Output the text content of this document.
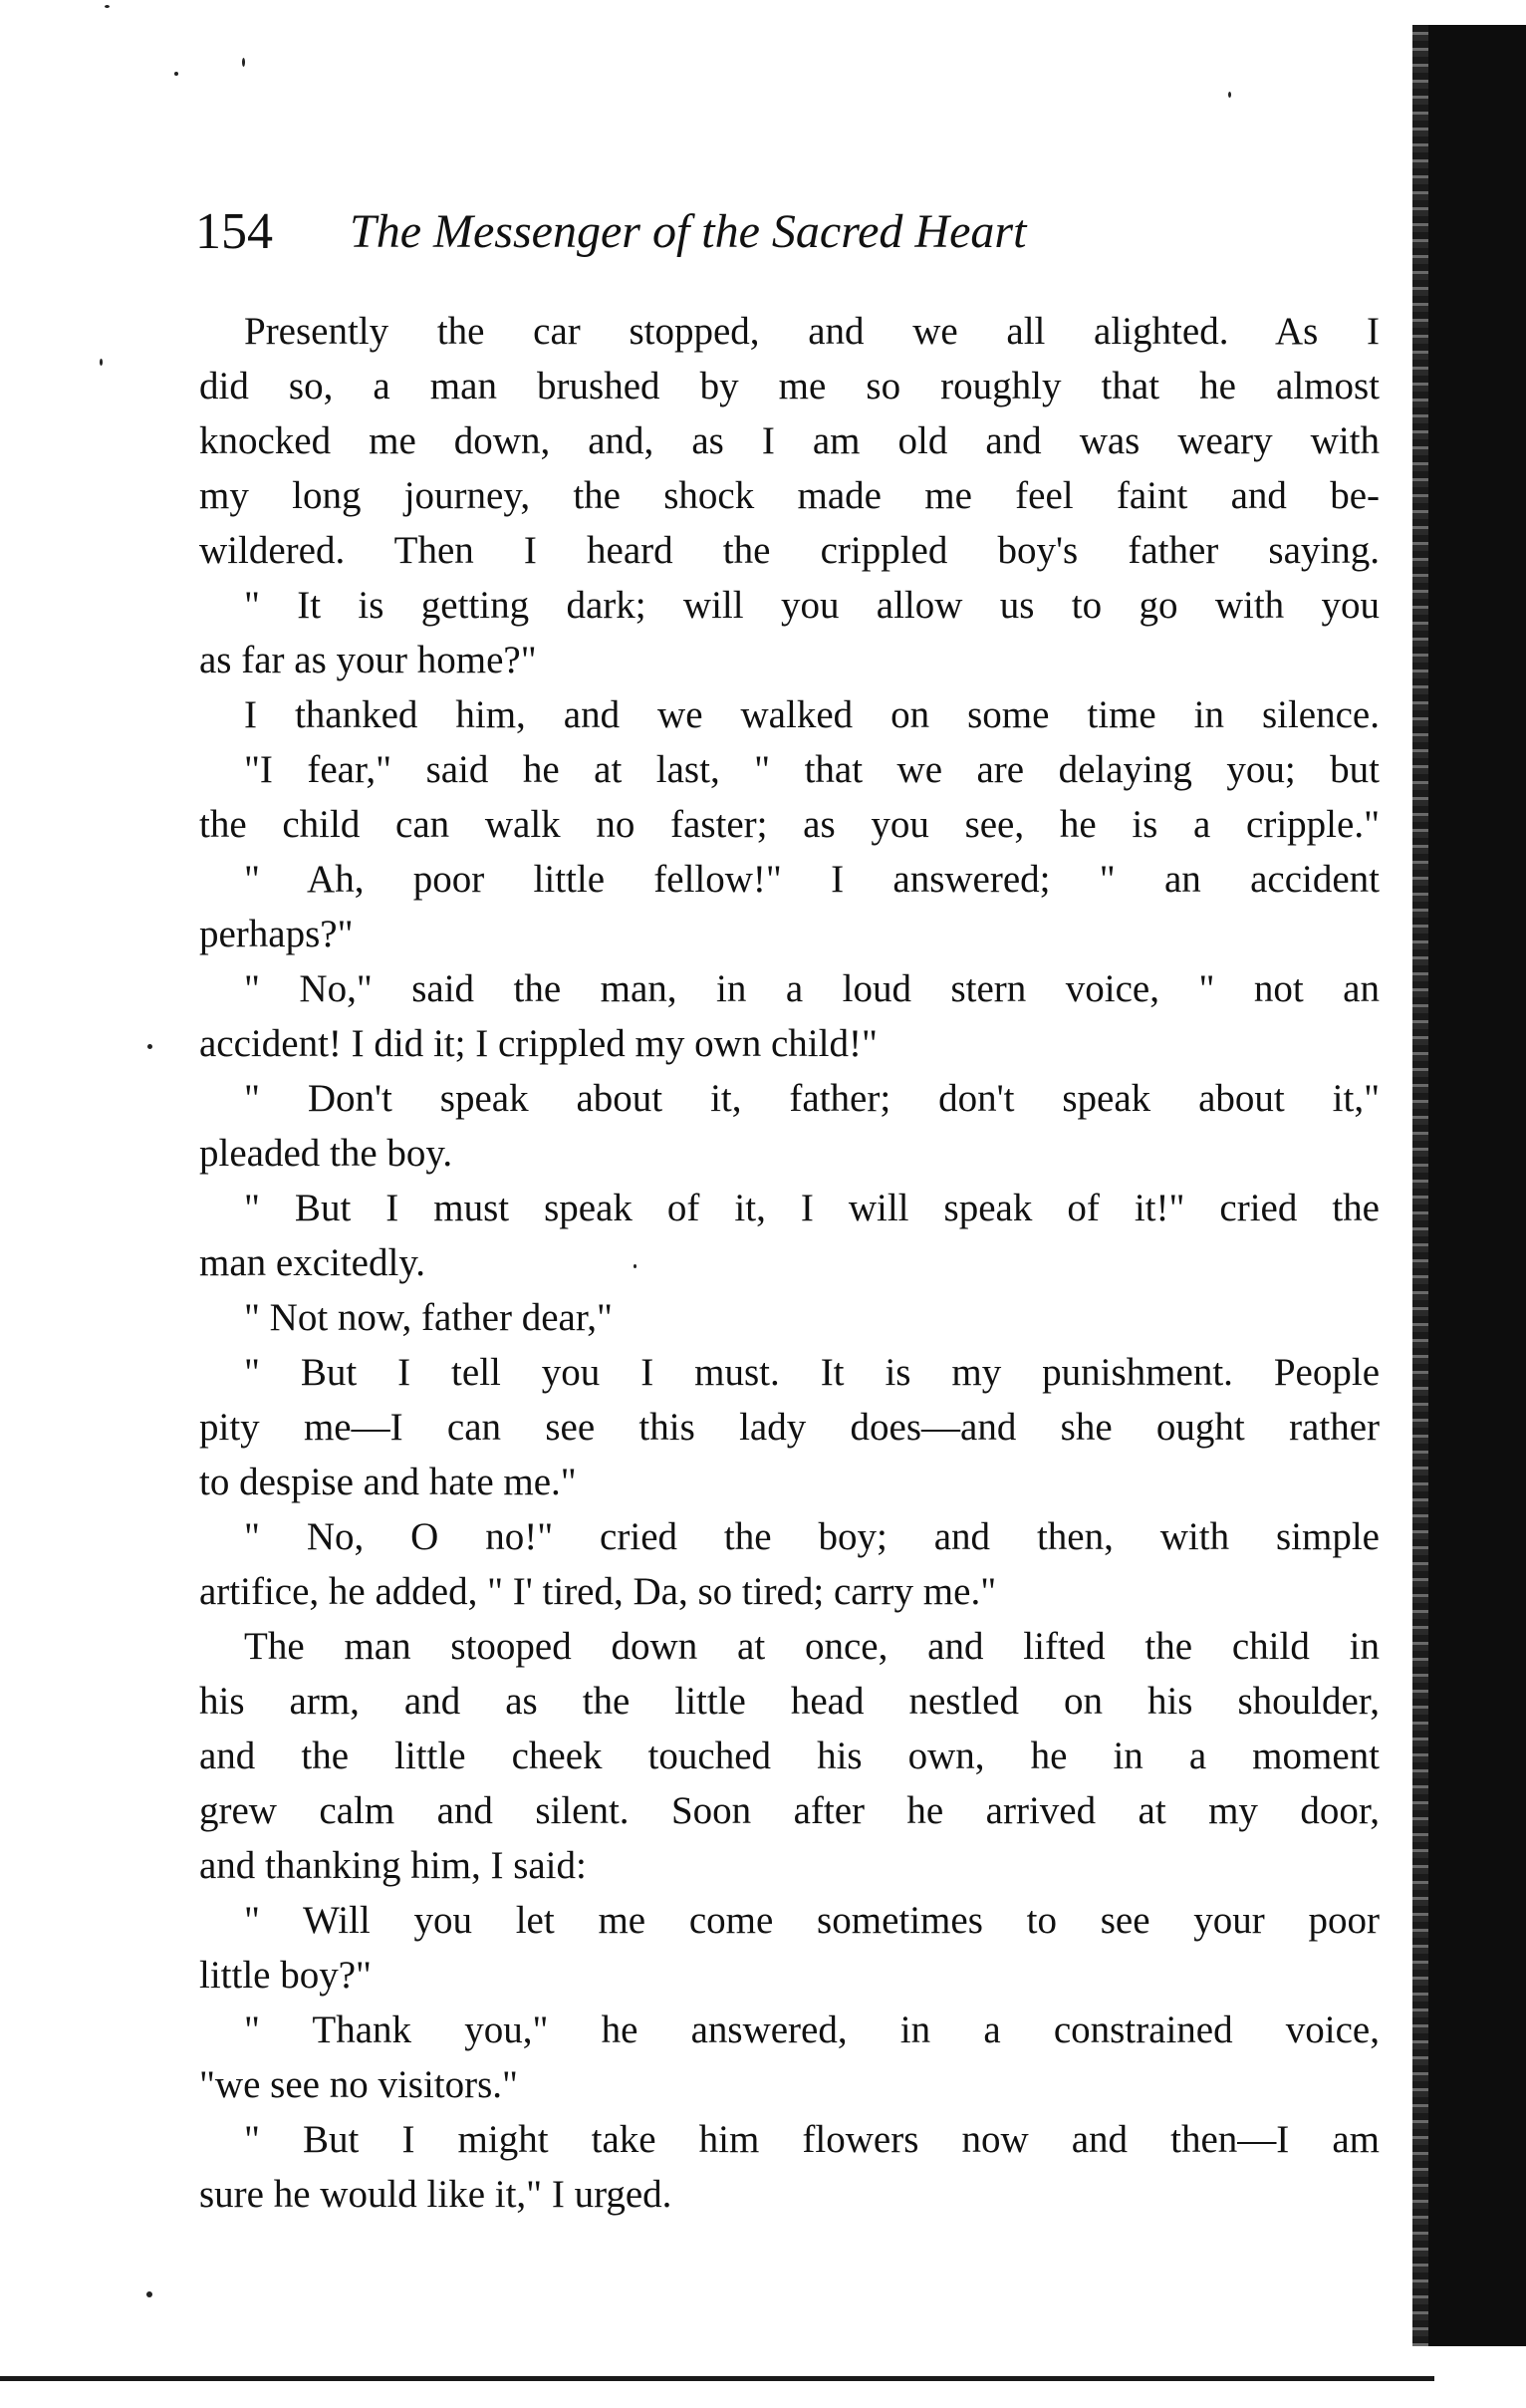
154 The Messenger of the Sacred Heart
Presently the car stopped, and we all alighted. As I
did so, a man brushed by me so roughly that he almost
knocked me down, and, as I am old and was weary with
my long journey, the shock made me feel faint and be-
wildered. Then I heard the crippled boy's father saying.
" It is getting dark; will you allow us to go with you
as far as your home?"
I thanked him, and we walked on some time in silence.
"I fear," said he at last, " that we are delaying you; but
the child can walk no faster; as you see, he is a cripple."
" Ah, poor little fellow!" I answered; " an accident
perhaps?"
" No," said the man, in a loud stern voice, " not an
accident! I did it; I crippled my own child!"
" Don't speak about it, father; don't speak about it,"
pleaded the boy.
" But I must speak of it, I will speak of it!" cried the
man excitedly.
" Not now, father dear,"
" But I tell you I must. It is my punishment. People
pity me—I can see this lady does—and she ought rather
to despise and hate me."
" No, O no!" cried the boy; and then, with simple
artifice, he added, " I' tired, Da, so tired; carry me."
The man stooped down at once, and lifted the child in
his arm, and as the little head nestled on his shoulder,
and the little cheek touched his own, he in a moment
grew calm and silent. Soon after he arrived at my door,
and thanking him, I said:
" Will you let me come sometimes to see your poor
little boy?"
" Thank you," he answered, in a constrained voice,
"we see no visitors."
" But I might take him flowers now and then—I am
sure he would like it," I urged.
